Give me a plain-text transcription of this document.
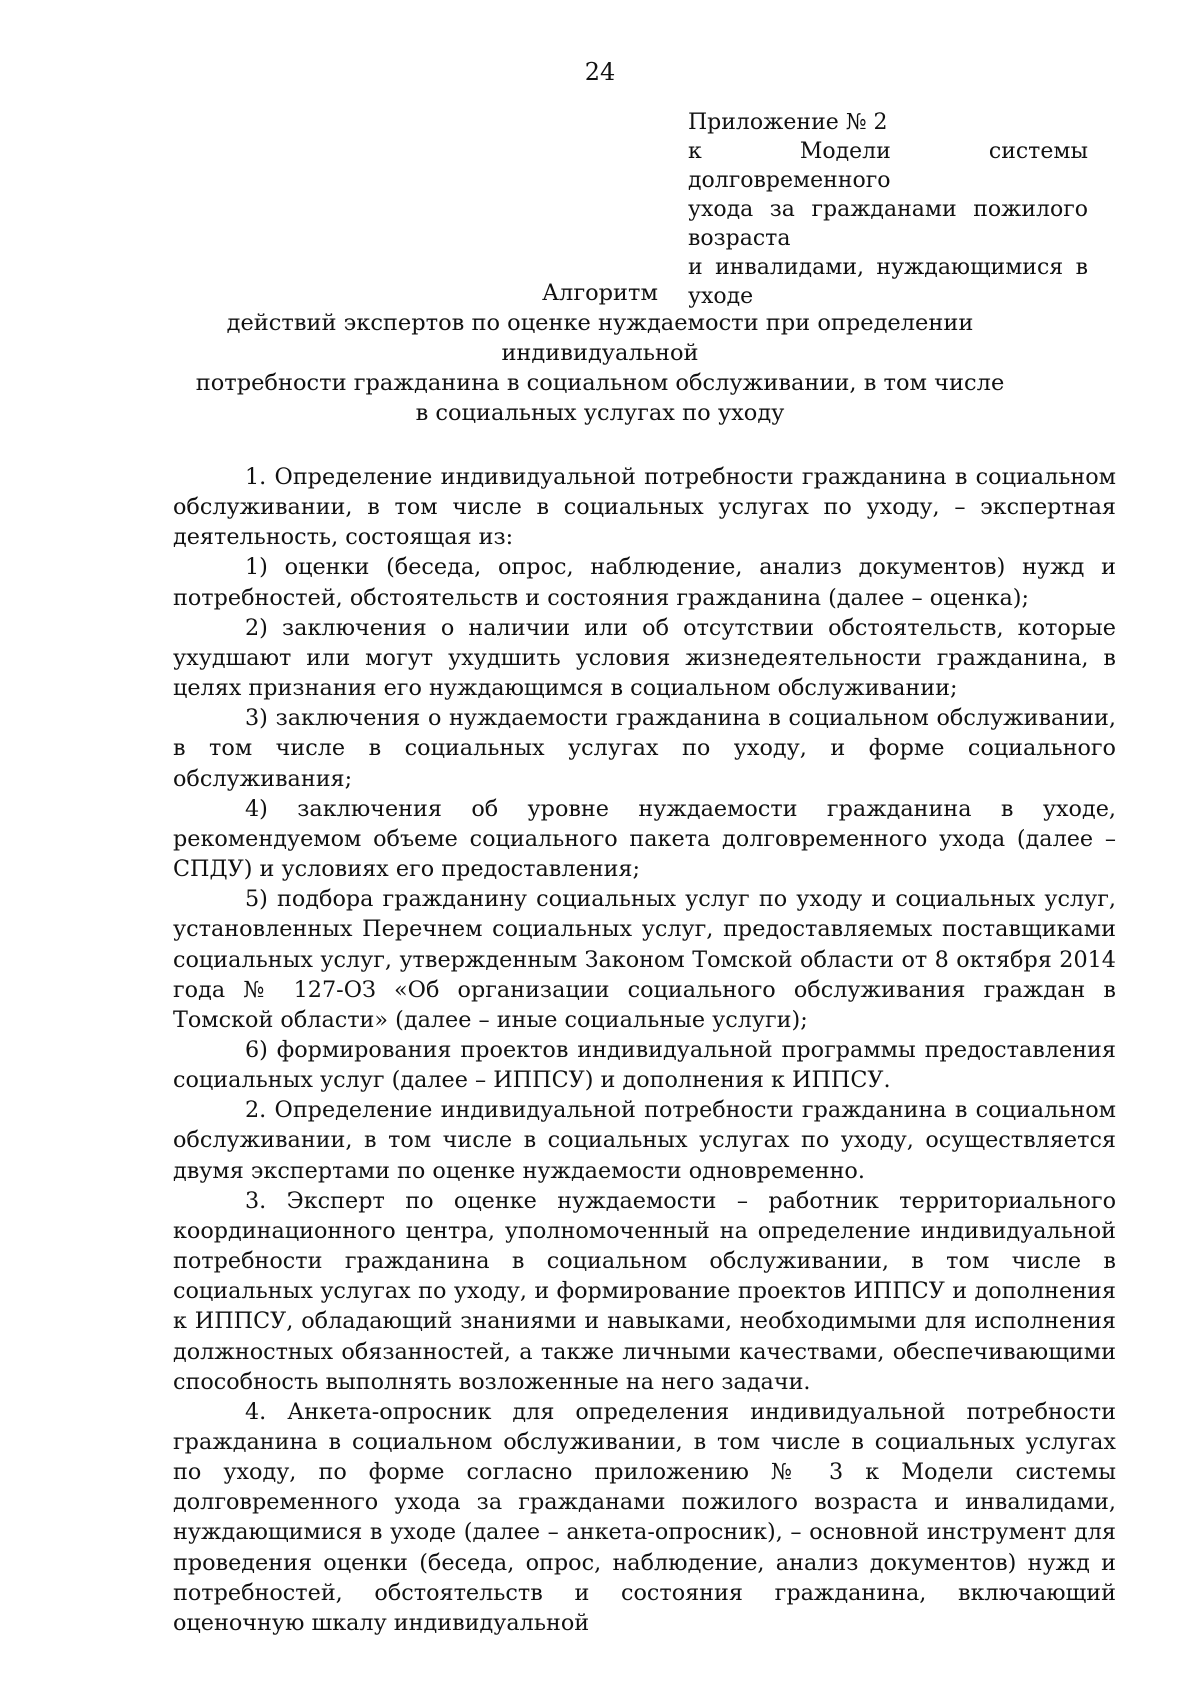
24
Приложение № 2
к Модели системы долговременного
ухода за гражданами пожилого возраста
и инвалидами, нуждающимися в уходе
Алгоритм
действий экспертов по оценке нуждаемости при определении индивидуальной
потребности гражданина в социальном обслуживании, в том числе
в социальных услугах по уходу

1. Определение индивидуальной потребности гражданина в социальном обслуживании, в том числе в социальных услугах по уходу, – экспертная деятельность, состоящая из:

1) оценки (беседа, опрос, наблюдение, анализ документов) нужд и потребностей, обстоятельств и состояния гражданина (далее – оценка);

2) заключения о наличии или об отсутствии обстоятельств, которые ухудшают или могут ухудшить условия жизнедеятельности гражданина, в целях признания его нуждающимся в социальном обслуживании;

3) заключения о нуждаемости гражданина в социальном обслуживании, в том числе в социальных услугах по уходу, и форме социального обслуживания;

4) заключения об уровне нуждаемости гражданина в уходе, рекомендуемом объеме социального пакета долговременного ухода (далее – СПДУ) и условиях его предоставления;

5) подбора гражданину социальных услуг по уходу и социальных услуг, установленных Перечнем социальных услуг, предоставляемых поставщиками социальных услуг, утвержденным Законом Томской области от 8 октября 2014 года № 127-ОЗ «Об организации социального обслуживания граждан в Томской области» (далее – иные социальные услуги);

6) формирования проектов индивидуальной программы предоставления социальных услуг (далее – ИППСУ) и дополнения к ИППСУ.

2. Определение индивидуальной потребности гражданина в социальном обслуживании, в том числе в социальных услугах по уходу, осуществляется двумя экспертами по оценке нуждаемости одновременно.

3. Эксперт по оценке нуждаемости – работник территориального координационного центра, уполномоченный на определение индивидуальной потребности гражданина в социальном обслуживании, в том числе в социальных услугах по уходу, и формирование проектов ИППСУ и дополнения к ИППСУ, обладающий знаниями и навыками, необходимыми для исполнения должностных обязанностей, а также личными качествами, обеспечивающими способность выполнять возложенные на него задачи.

4. Анкета-опросник для определения индивидуальной потребности гражданина в социальном обслуживании, в том числе в социальных услугах по уходу, по форме согласно приложению № 3 к Модели системы долговременного ухода за гражданами пожилого возраста и инвалидами, нуждающимися в уходе (далее – анкета-опросник), – основной инструмент для проведения оценки (беседа, опрос, наблюдение, анализ документов) нужд и потребностей, обстоятельств и состояния гражданина, включающий оценочную шкалу индивидуальной
